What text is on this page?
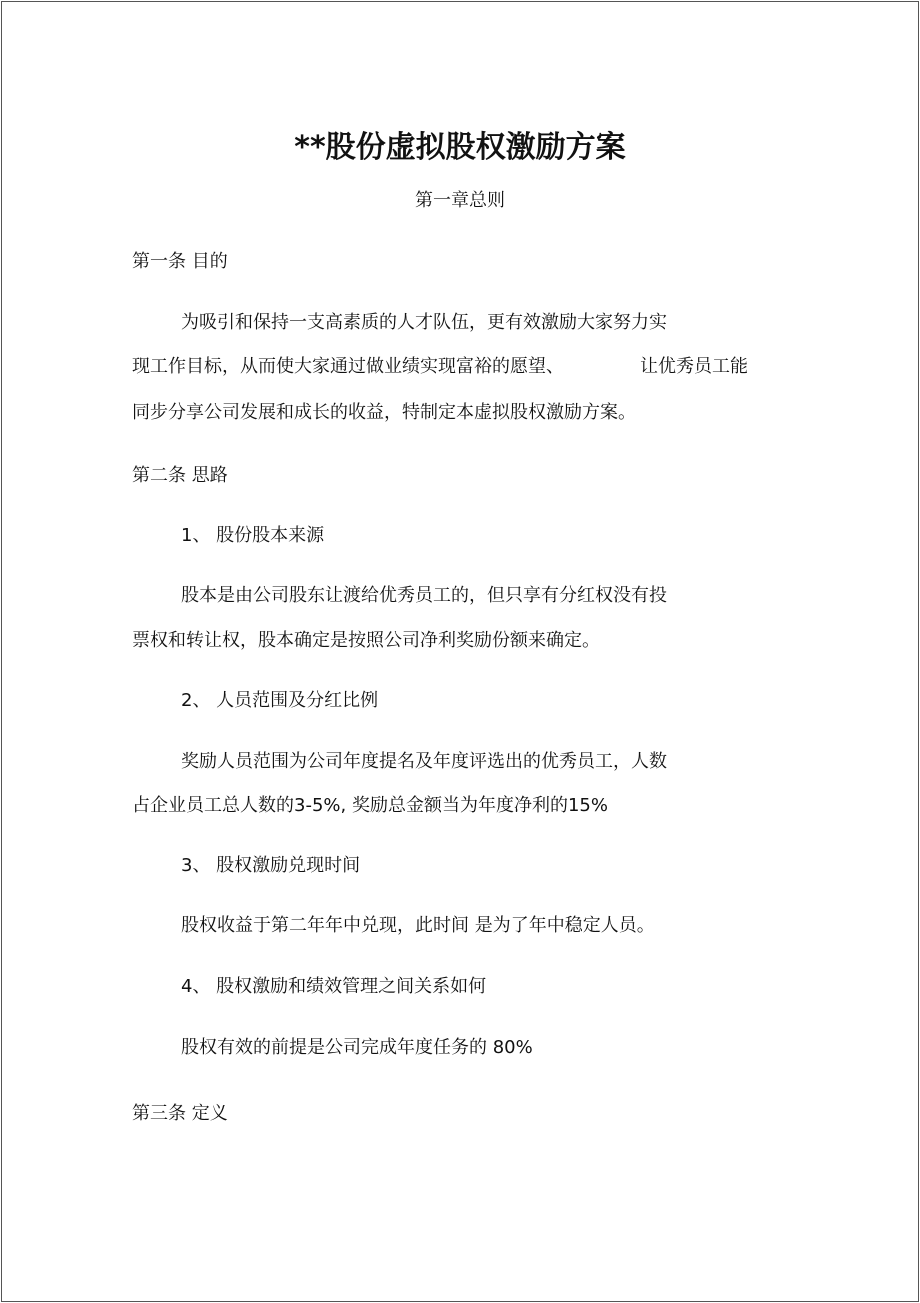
**股份虚拟股权激励方案
第一章总则
第一条 目的
为吸引和保持一支高素质的人才队伍，更有效激励大家努力实
现工作目标，从而使大家通过做业绩实现富裕的愿望、	让优秀员工能
同步分享公司发展和成长的收益，特制定本虚拟股权激励方案。
第二条 思路
1、 股份股本来源
股本是由公司股东让渡给优秀员工的，但只享有分红权没有投
票权和转让权，股本确定是按照公司净利奖励份额来确定。
2、 人员范围及分红比例
奖励人员范围为公司年度提名及年度评选出的优秀员工，人数
占企业员工总人数的3-5%, 奖励总金额当为年度净利的15%
3、 股权激励兑现时间
股权收益于第二年年中兑现，此时间 是为了年中稳定人员。
4、 股权激励和绩效管理之间关系如何
股权有效的前提是公司完成年度任务的 80%
第三条 定义
